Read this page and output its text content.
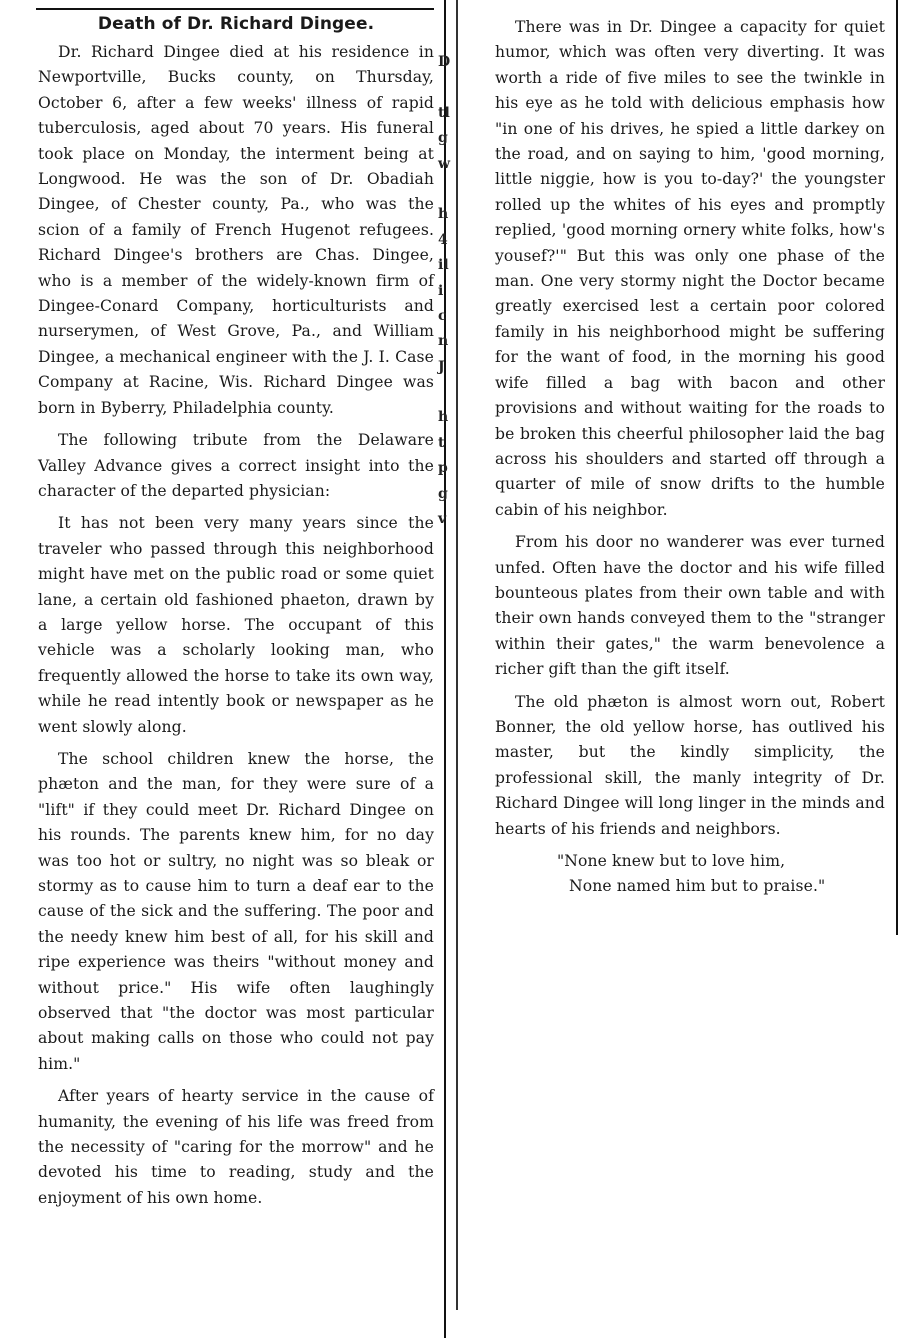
D
tl
g
w
h
4
il
i
c
n
J
h
t
p
g
v
Death of Dr. Richard Dingee.

Dr. Richard Dingee died at his residence in Newportville, Bucks county, on Thursday, October 6, after a few weeks' illness of rapid tuberculosis, aged about 70 years. His funeral took place on Monday, the interment being at Longwood. He was the son of Dr. Obadiah Dingee, of Chester county, Pa., who was the scion of a family of French Hugenot refugees. Richard Dingee's brothers are Chas. Dingee, who is a member of the widely-known firm of Dingee-Conard Company, horticulturists and nurserymen, of West Grove, Pa., and William Dingee, a mechanical engineer with the J. I. Case Company at Racine, Wis. Richard Dingee was born in Byberry, Philadelphia county.

The following tribute from the Delaware Valley Advance gives a correct insight into the character of the departed physician:

It has not been very many years since the traveler who passed through this neighborhood might have met on the public road or some quiet lane, a certain old fashioned phaeton, drawn by a large yellow horse. The occupant of this vehicle was a scholarly looking man, who frequently allowed the horse to take its own way, while he read intently book or newspaper as he went slowly along.

The school children knew the horse, the phæton and the man, for they were sure of a "lift" if they could meet Dr. Richard Dingee on his rounds. The parents knew him, for no day was too hot or sultry, no night was so bleak or stormy as to cause him to turn a deaf ear to the cause of the sick and the suffering. The poor and the needy knew him best of all, for his skill and ripe experience was theirs "without money and without price." His wife often laughingly observed that "the doctor was most particular about making calls on those who could not pay him."

After years of hearty service in the cause of humanity, the evening of his life was freed from the necessity of "caring for the morrow" and he devoted his time to reading, study and the enjoyment of his own home.

There was in Dr. Dingee a capacity for quiet humor, which was often very diverting. It was worth a ride of five miles to see the twinkle in his eye as he told with delicious emphasis how "in one of his drives, he spied a little darkey on the road, and on saying to him, 'good morning, little niggie, how is you to-day?' the youngster rolled up the whites of his eyes and promptly replied, 'good morning ornery white folks, how's yousef?'" But this was only one phase of the man. One very stormy night the Doctor became greatly exercised lest a certain poor colored family in his neighborhood might be suffering for the want of food, in the morning his good wife filled a bag with bacon and other provisions and without waiting for the roads to be broken this cheerful philosopher laid the bag across his shoulders and started off through a quarter of mile of snow drifts to the humble cabin of his neighbor.

From his door no wanderer was ever turned unfed. Often have the doctor and his wife filled bounteous plates from their own table and with their own hands conveyed them to the "stranger within their gates," the warm benevolence a richer gift than the gift itself.

The old phæton is almost worn out, Robert Bonner, the old yellow horse, has outlived his master, but the kindly simplicity, the professional skill, the manly integrity of Dr. Richard Dingee will long linger in the minds and hearts of his friends and neighbors.

"None knew but to love him,
None named him but to praise."
